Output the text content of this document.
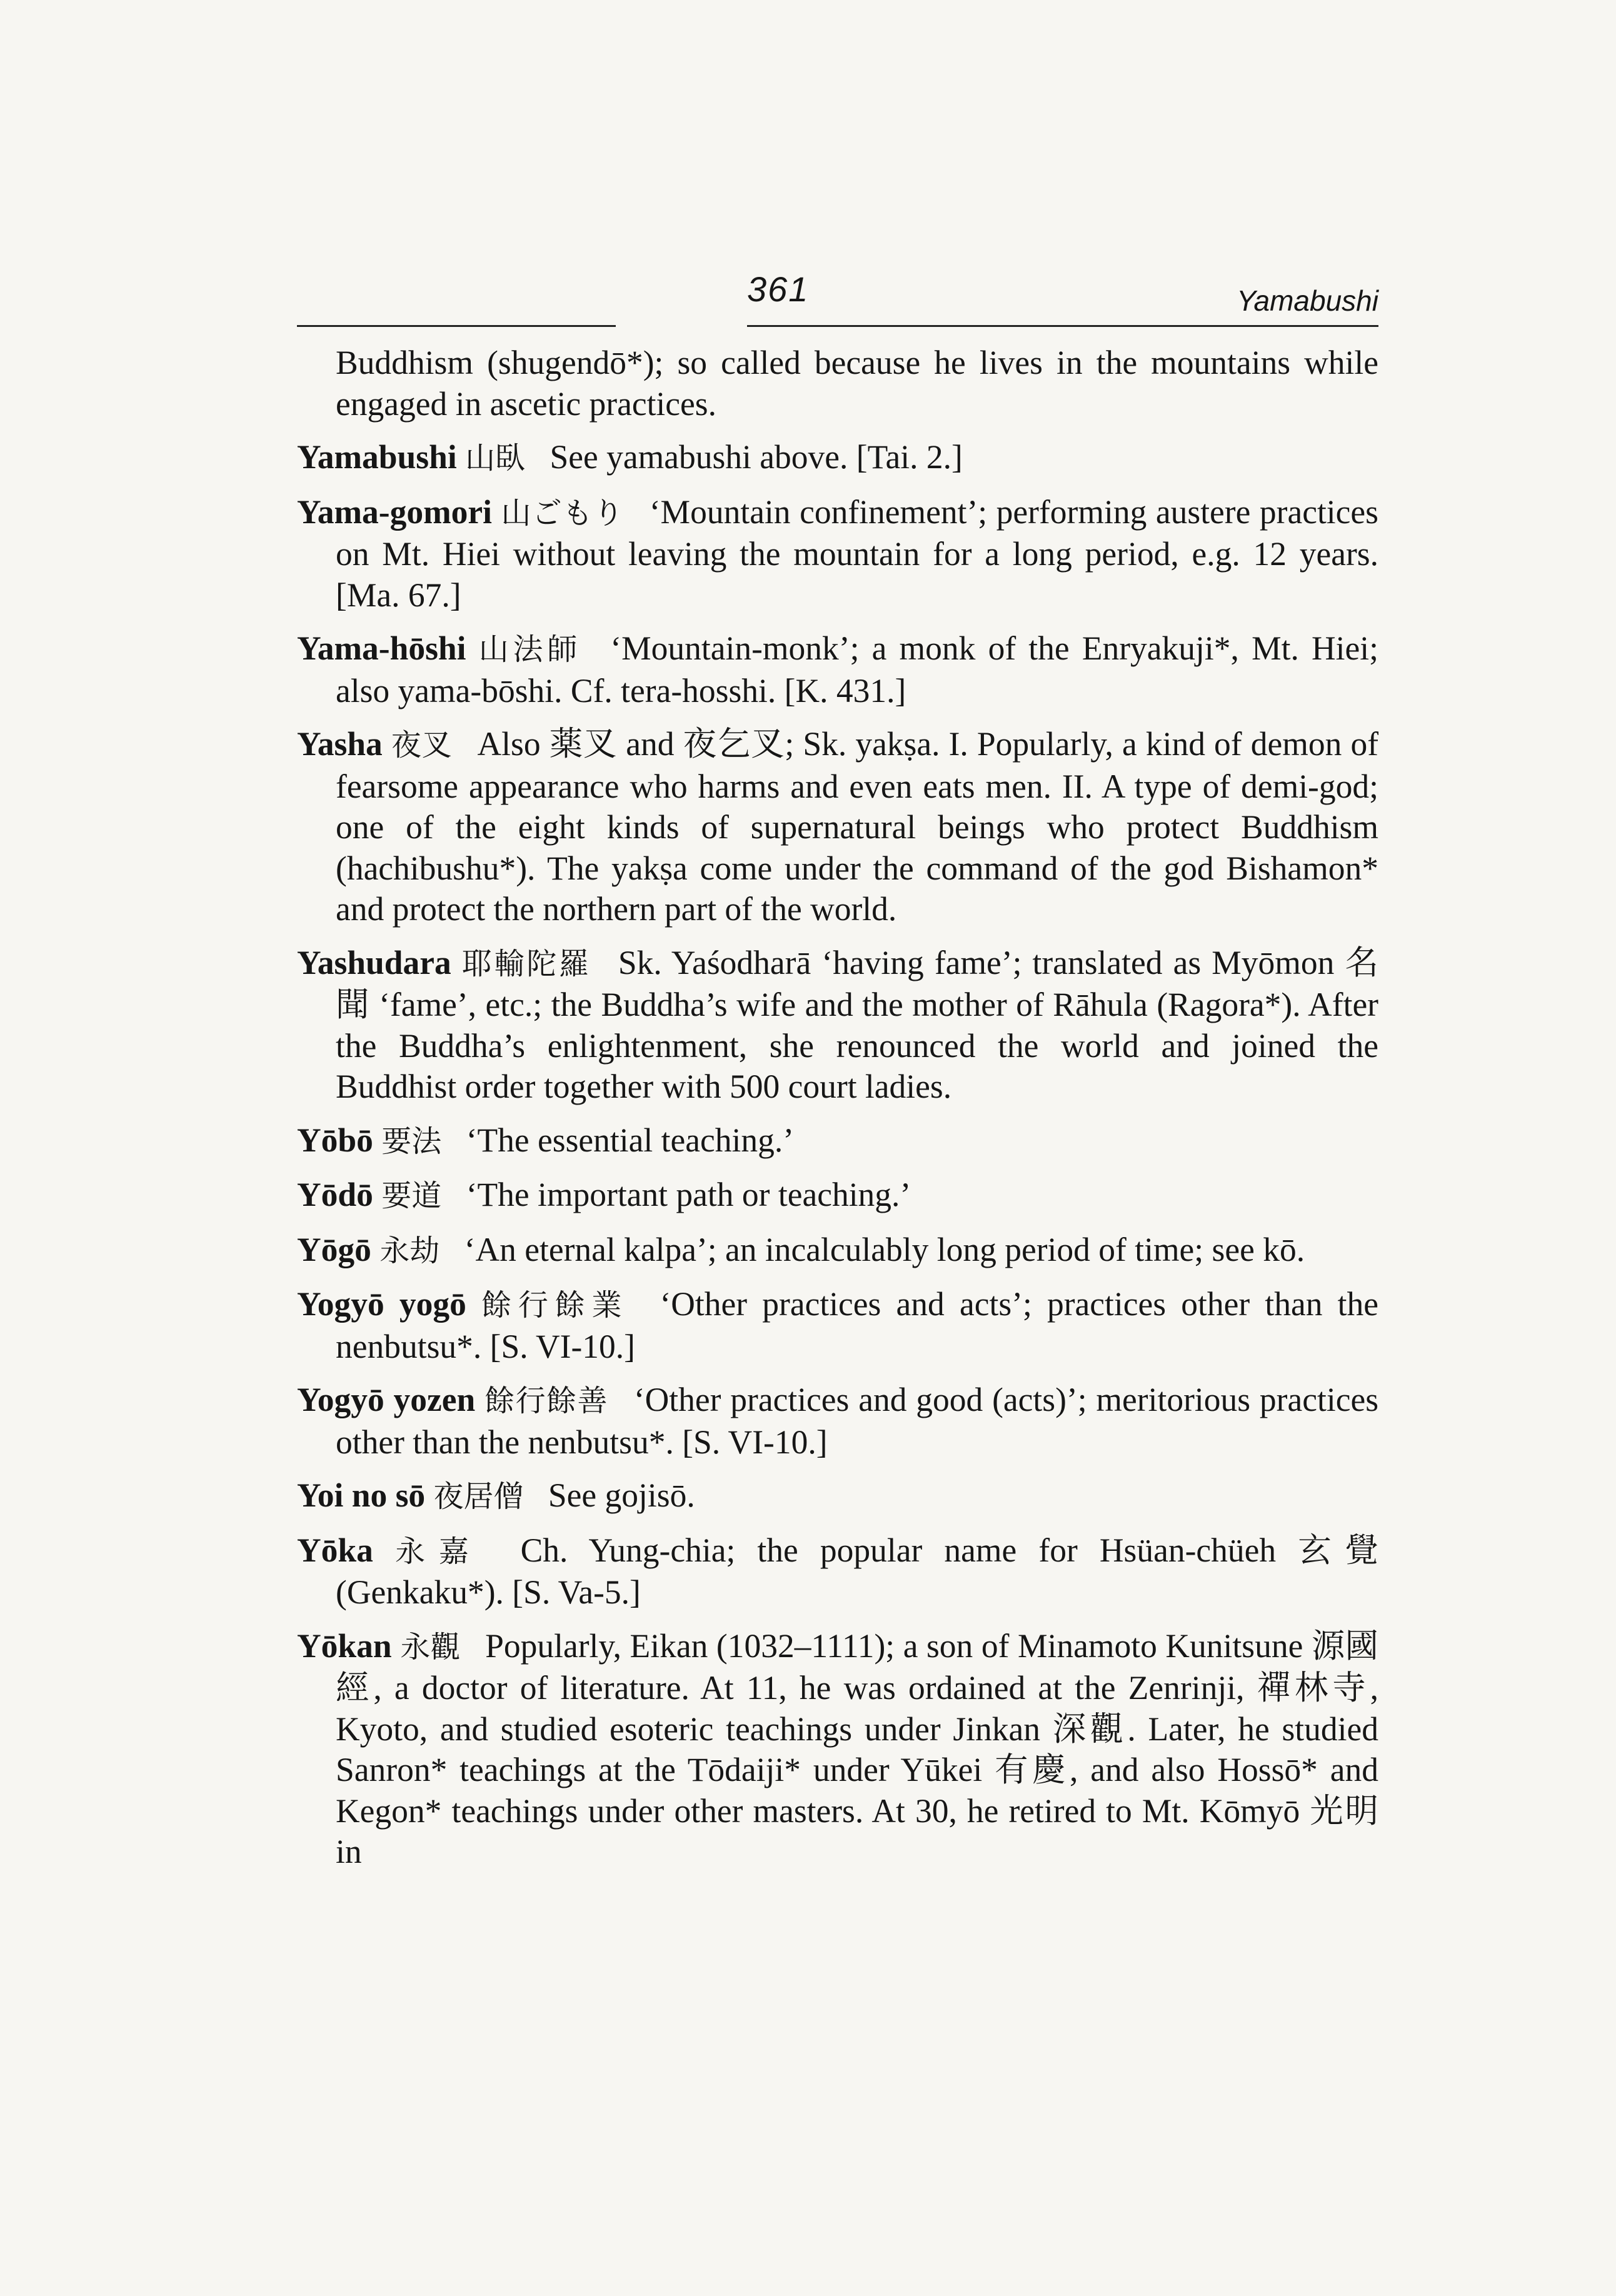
361	Yamabushi

Buddhism (shugendō*); so called because he lives in the mountains while engaged in ascetic practices.

Yamabushi 山臥 See yamabushi above. [Tai. 2.]

Yama-gomori 山ごもり ‘Mountain confinement’; performing austere practices on Mt. Hiei without leaving the mountain for a long period, e.g. 12 years. [Ma. 67.]

Yama-hōshi 山法師 ‘Mountain-monk’; a monk of the Enryakuji*, Mt. Hiei; also yama-bōshi. Cf. tera-hosshi. [K. 431.]

Yasha 夜叉 Also 薬叉 and 夜乞叉; Sk. yakṣa. I. Popularly, a kind of demon of fearsome appearance who harms and even eats men. II. A type of demi-god; one of the eight kinds of supernatural beings who protect Buddhism (hachibushu*). The yakṣa come under the command of the god Bishamon* and protect the northern part of the world.

Yashudara 耶輸陀羅 Sk. Yaśodharā ‘having fame’; translated as Myōmon 名聞 ‘fame’, etc.; the Buddha’s wife and the mother of Rāhula (Ragora*). After the Buddha’s enlightenment, she renounced the world and joined the Buddhist order together with 500 court ladies.

Yōbō 要法 ‘The essential teaching.’

Yōdō 要道 ‘The important path or teaching.’

Yōgō 永劫 ‘An eternal kalpa’; an incalculably long period of time; see kō.

Yogyō yogō 餘行餘業 ‘Other practices and acts’; practices other than the nenbutsu*. [S. VI-10.]

Yogyō yozen 餘行餘善 ‘Other practices and good (acts)’; meritorious practices other than the nenbutsu*. [S. VI-10.]

Yoi no sō 夜居僧 See gojisō.

Yōka 永嘉 Ch. Yung-chia; the popular name for Hsüan-chüeh 玄覺 (Genkaku*). [S. Va-5.]

Yōkan 永觀 Popularly, Eikan (1032–1111); a son of Minamoto Kunitsune 源國經, a doctor of literature. At 11, he was ordained at the Zenrinji, 禪林寺, Kyoto, and studied esoteric teachings under Jinkan 深觀. Later, he studied Sanron* teachings at the Tōdaiji* under Yūkei 有慶, and also Hossō* and Kegon* teachings under other masters. At 30, he retired to Mt. Kōmyō 光明 in
